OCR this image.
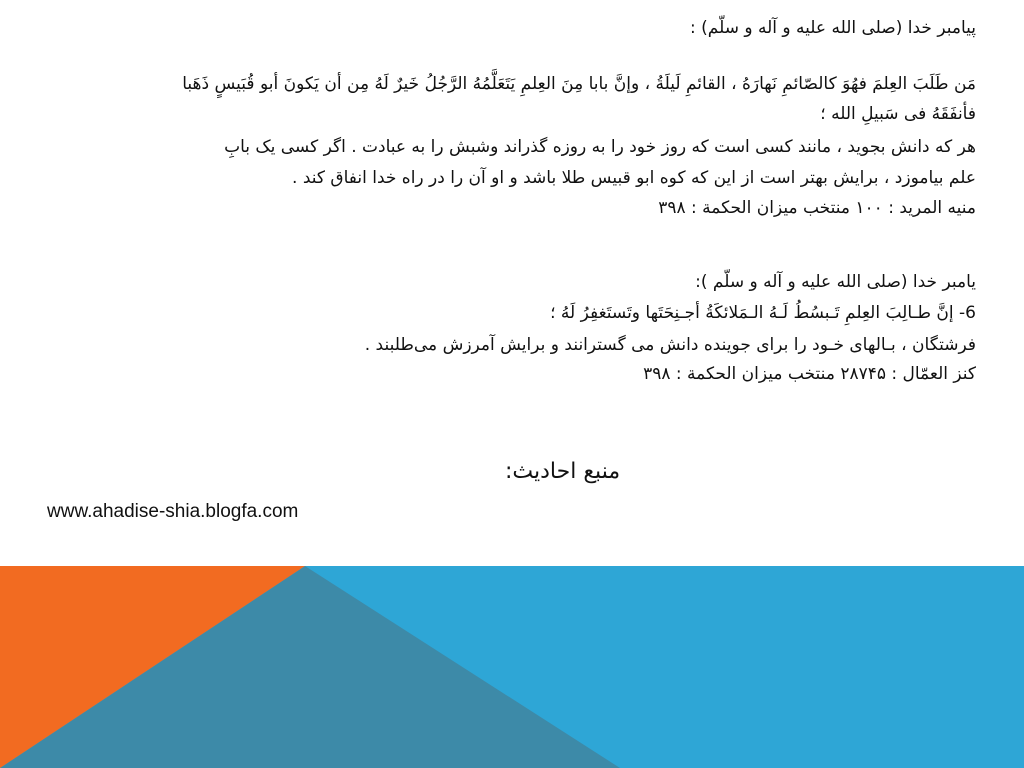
پیامبر خدا (صلی الله علیه و آله و سلّم) :
مَن طَلَبَ العِلمَ فهُوَ كالصّائمِ نَهارَهُ ، القائمِ لَيلَةُ ، وإنَّ بابا مِنَ العِلمِ يَتَعَلَّمُهُ الرَّجُلُ خَيرٌ لَهُ مِن أن يَكونَ أبو قُبَيسٍ ذَهَبا
فأنفَقَهُ فى سَبيلِ الله ؛
هر كه دانش بجويد ، مانند كسى است كه روز خود را به روزه گذراند وشبش را به عبادت . اگر كسى يک بابِ
علم بياموزد ، برايش بهتر است از اين كه كوه ابو قبيس طلا باشد و او آن را در راه خدا انفاق كند .
منيه المريد : ۱۰۰ منتخب ميزان الحكمة : ۳۹۸
یامبر خدا (صلی الله علیه و آله و سلّم ):
6- إنَّ طـالِبَ العِلمِ تَـبسُطُ لَـهُ الـمَلائكَةُ أجـنِحَتَها وتَستَغفِرُ لَهُ ؛
فرشتگان ، بـالهای خـود را برای جوينده دانش می گسترانند و برايش آمرزش می‌طلبند .
كنز العمّال : ۲۸۷۴۵ منتخب ميزان الحكمة : ۳۹۸
منبع احادیث:
www.ahadise-shia.blogfa.com
